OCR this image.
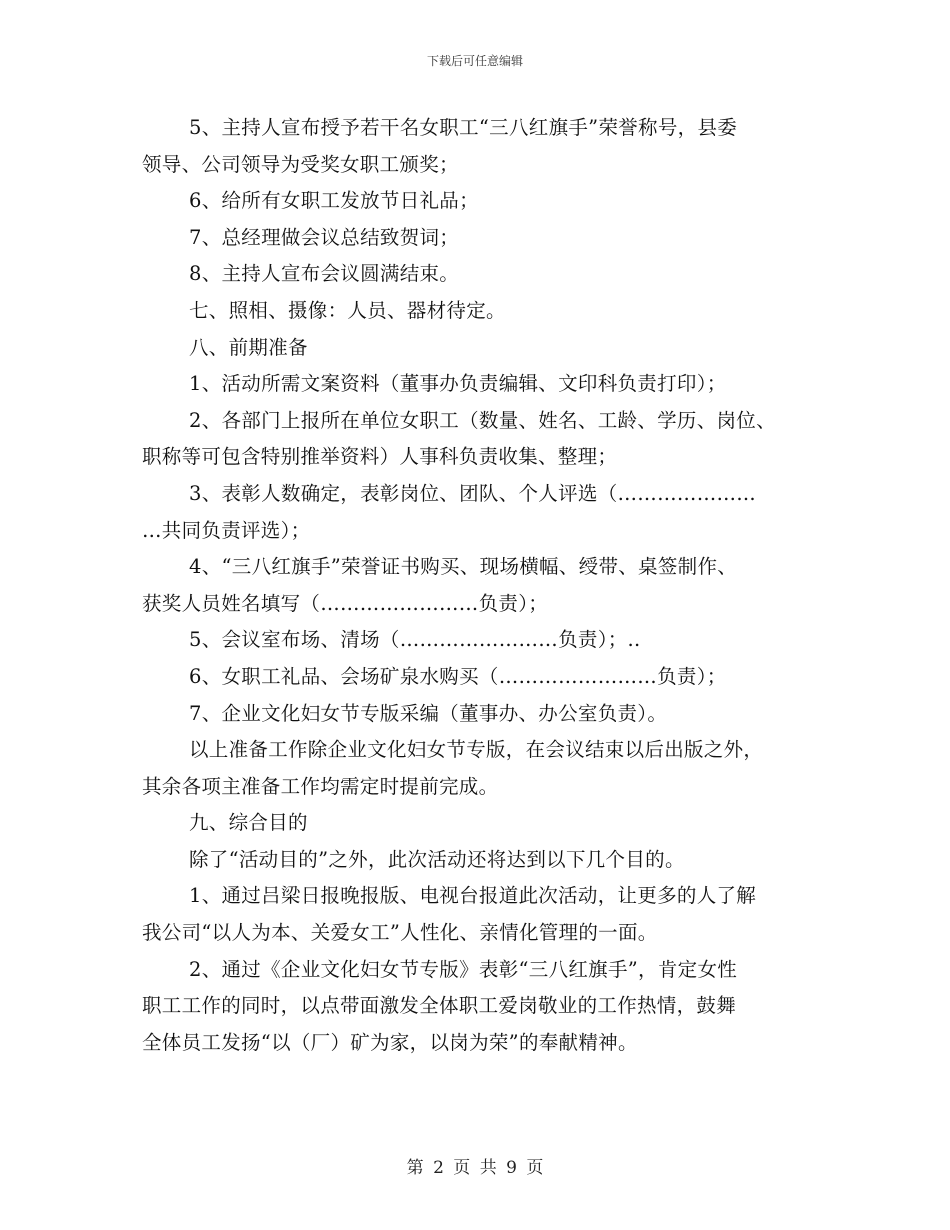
下载后可任意编辑
5、主持人宣布授予若干名女职工“三八红旗手”荣誉称号，县委
领导、公司领导为受奖女职工颁奖；
6、给所有女职工发放节日礼品；
7、总经理做会议总结致贺词；
8、主持人宣布会议圆满结束。
七、照相、摄像：人员、器材待定。
八、前期准备
1、活动所需文案资料（董事办负责编辑、文印科负责打印）；
2、各部门上报所在单位女职工（数量、姓名、工龄、学历、岗位、
职称等可包含特别推举资料）人事科负责收集、整理；
3、表彰人数确定，表彰岗位、团队、个人评选（…………………
…共同负责评选）；
4、“三八红旗手”荣誉证书购买、现场横幅、绶带、桌签制作、
获奖人员姓名填写（……………………负责）；
5、会议室布场、清场（……………………负责）；..
6、女职工礼品、会场矿泉水购买（……………………负责）；
7、企业文化妇女节专版采编（董事办、办公室负责）。
以上准备工作除企业文化妇女节专版，在会议结束以后出版之外，
其余各项主准备工作均需定时提前完成。
九、综合目的
除了“活动目的”之外，此次活动还将达到以下几个目的。
1、通过吕梁日报晚报版、电视台报道此次活动，让更多的人了解
我公司“以人为本、关爱女工”人性化、亲情化管理的一面。
2、通过《企业文化妇女节专版》表彰“三八红旗手”，肯定女性
职工工作的同时，以点带面激发全体职工爱岗敬业的工作热情，鼓舞
全体员工发扬“以（厂）矿为家，以岗为荣”的奉献精神。
第 2 页 共 9 页
